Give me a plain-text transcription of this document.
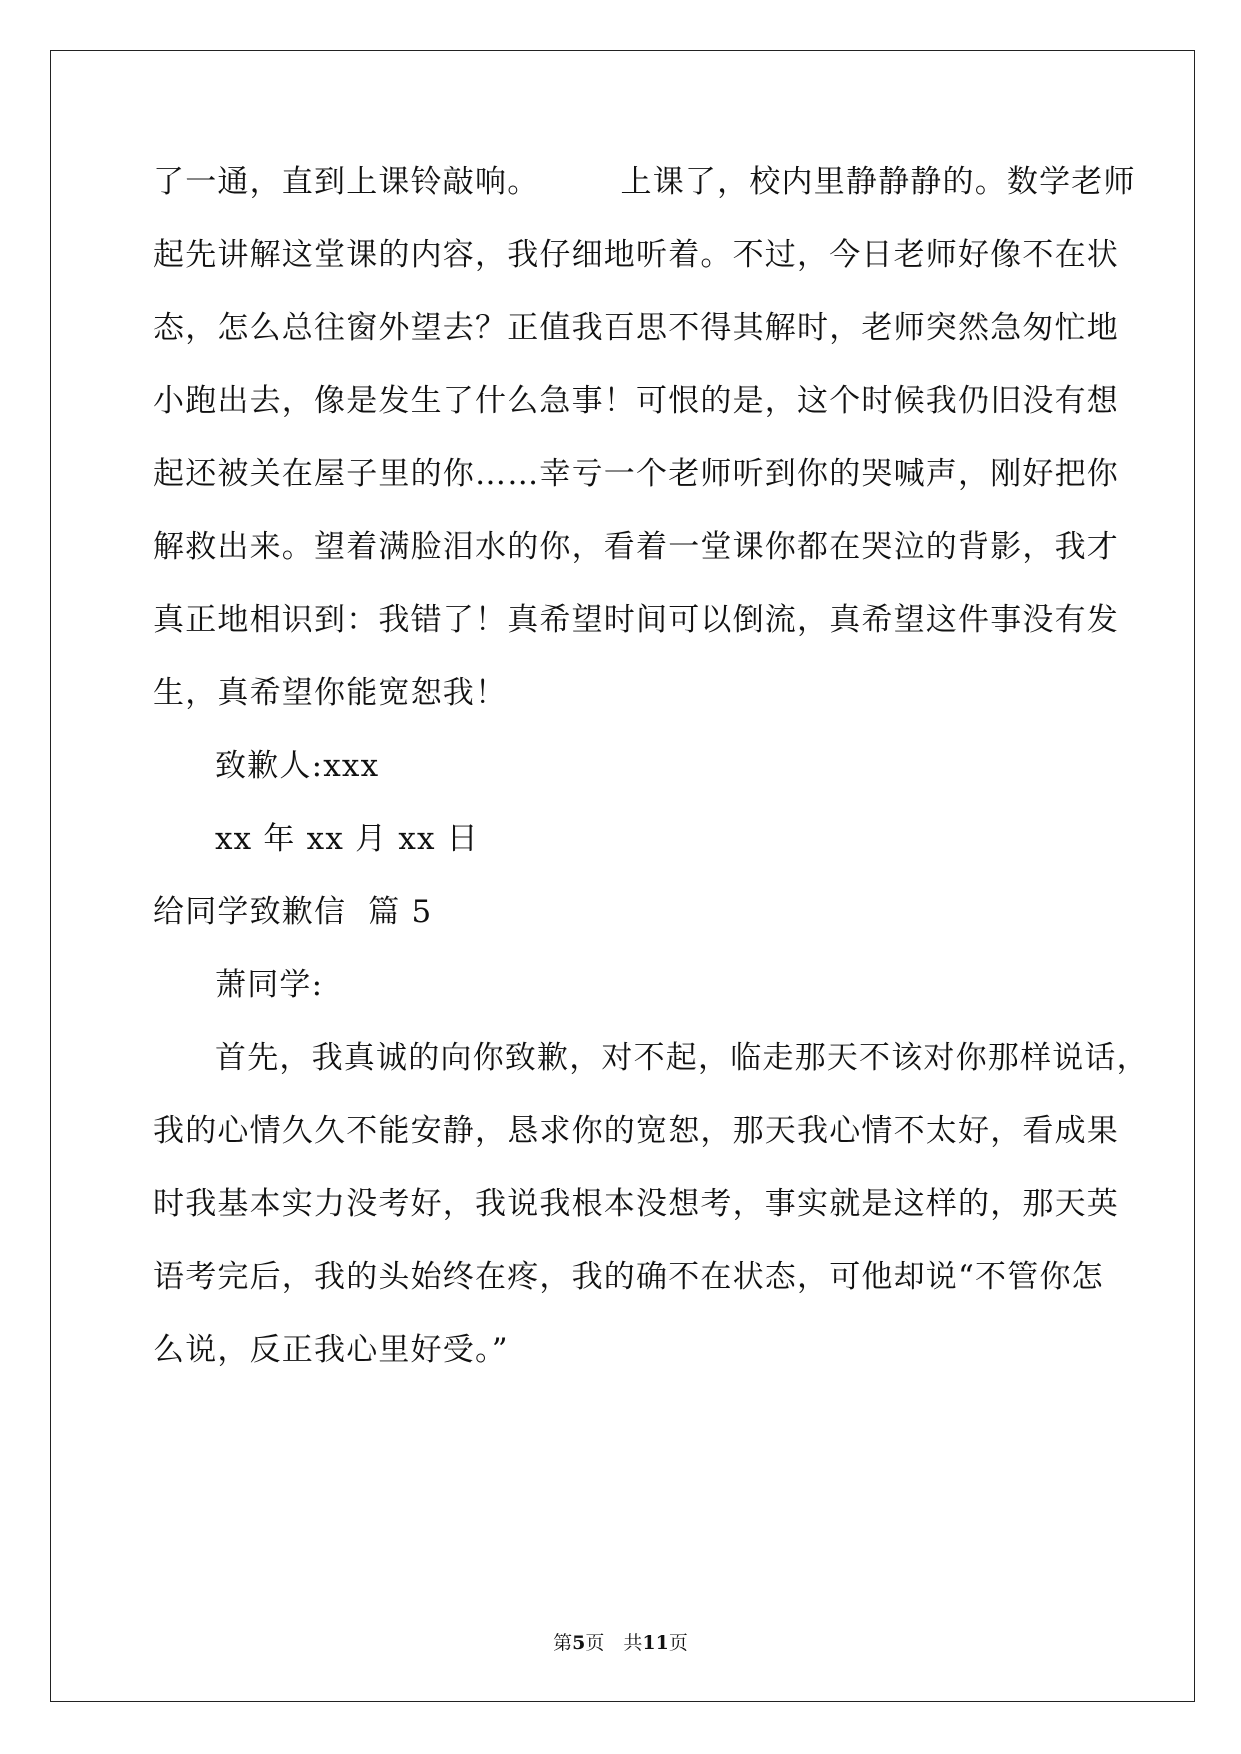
了一通，直到上课铃敲响。　　　上课了，校内里静静静的。数学老师
起先讲解这堂课的内容，我仔细地听着。不过，今日老师好像不在状
态，怎么总往窗外望去？正值我百思不得其解时，老师突然急匆忙地
小跑出去，像是发生了什么急事！可恨的是，这个时候我仍旧没有想
起还被关在屋子里的你……幸亏一个老师听到你的哭喊声，刚好把你
解救出来。望着满脸泪水的你，看着一堂课你都在哭泣的背影，我才
真正地相识到：我错了！真希望时间可以倒流，真希望这件事没有发
生，真希望你能宽恕我！
致歉人:xxx
xx 年 xx 月 xx 日
给同学致歉信  篇 5
萧同学:
首先，我真诚的向你致歉，对不起，临走那天不该对你那样说话，
我的心情久久不能安静，恳求你的宽恕，那天我心情不太好，看成果
时我基本实力没考好，我说我根本没想考，事实就是这样的，那天英
语考完后，我的头始终在疼，我的确不在状态，可他却说“不管你怎
么说，反正我心里好受。”
第5页　共11页
